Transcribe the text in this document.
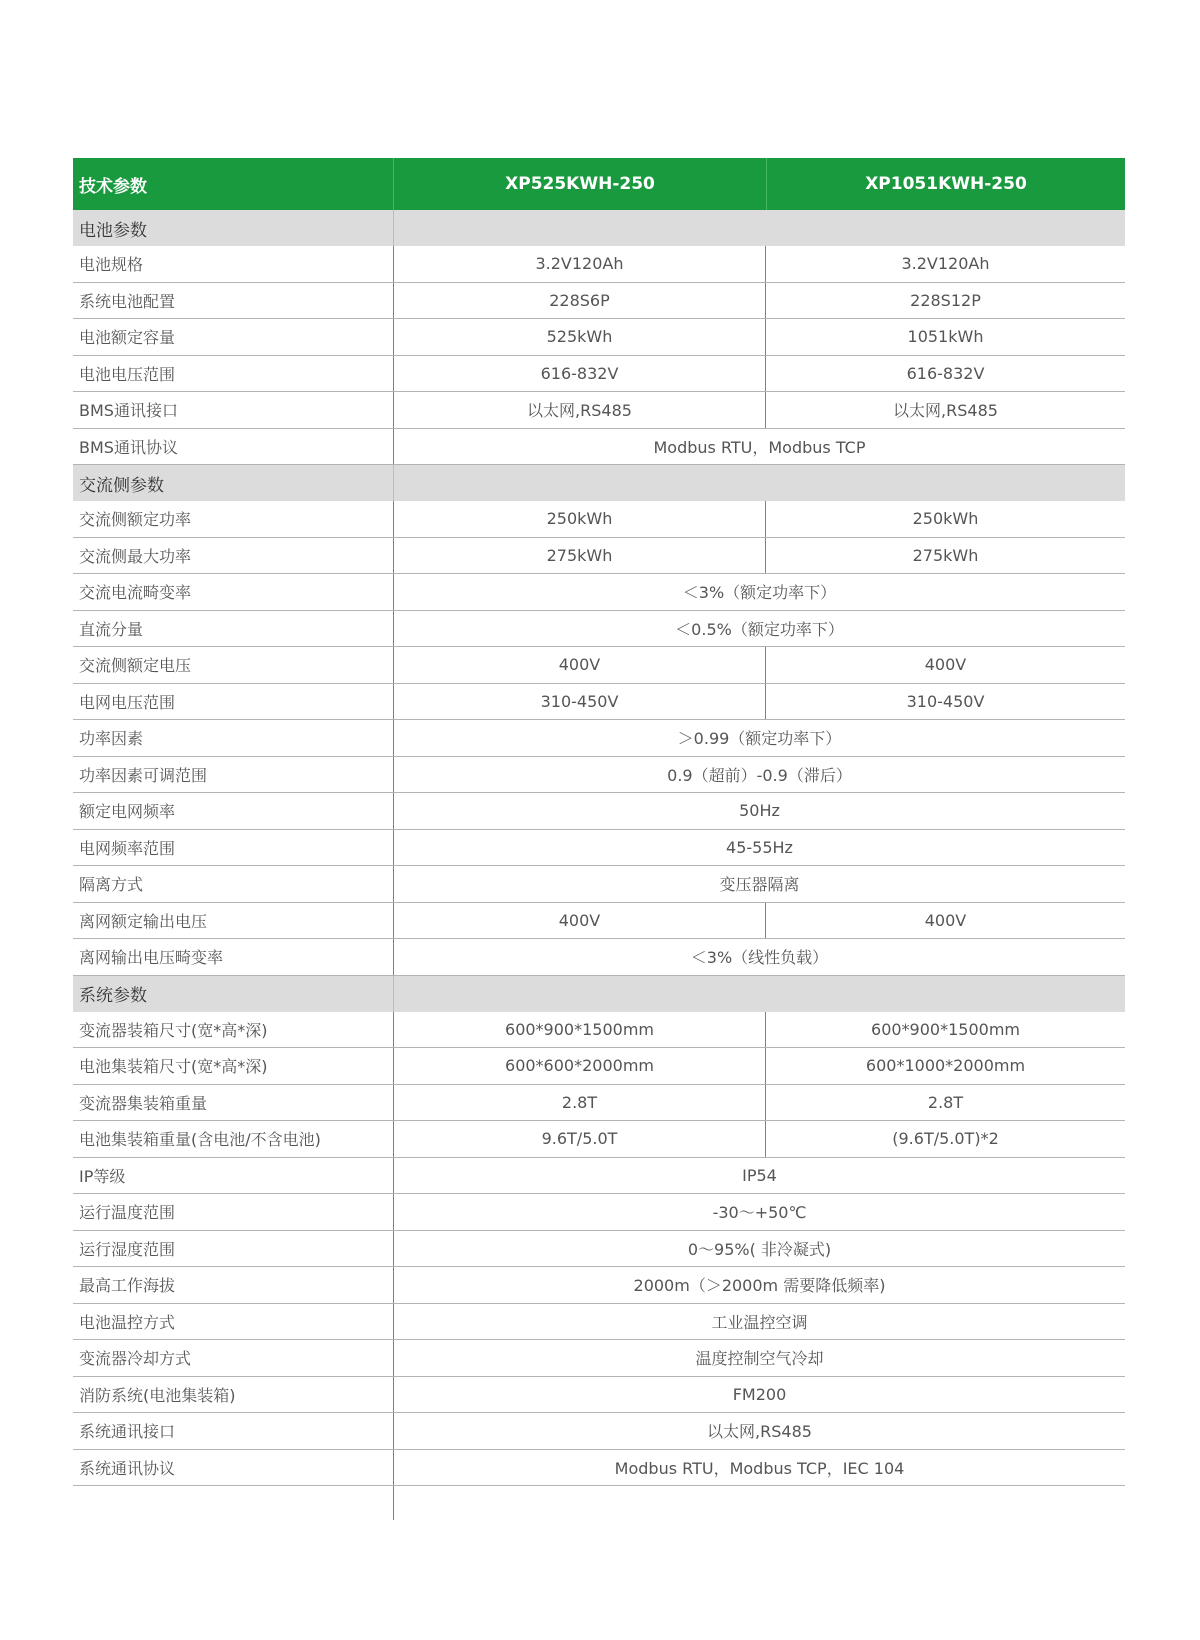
技术参数	XP525KWH-250	XP1051KWH-250
电池参数
电池规格	3.2V120Ah	3.2V120Ah
系统电池配置	228S6P	228S12P
电池额定容量	525kWh	1051kWh
电池电压范围	616-832V	616-832V
BMS通讯接口	以太网,RS485	以太网,RS485
BMS通讯协议	Modbus RTU，Modbus TCP
交流侧参数
交流侧额定功率	250kWh	250kWh
交流侧最大功率	275kWh	275kWh
交流电流畸变率	＜3%（额定功率下）
直流分量	＜0.5%（额定功率下）
交流侧额定电压	400V	400V
电网电压范围	310-450V	310-450V
功率因素	＞0.99（额定功率下）
功率因素可调范围	0.9（超前）-0.9（滞后）
额定电网频率	50Hz
电网频率范围	45-55Hz
隔离方式	变压器隔离
离网额定输出电压	400V	400V
离网输出电压畸变率	＜3%（线性负载）
系统参数
变流器装箱尺寸(宽*高*深)	600*900*1500mm	600*900*1500mm
电池集装箱尺寸(宽*高*深)	600*600*2000mm	600*1000*2000mm
变流器集装箱重量	2.8T	2.8T
电池集装箱重量(含电池/不含电池)	9.6T/5.0T	(9.6T/5.0T)*2
IP等级	IP54
运行温度范围	-30～+50℃
运行湿度范围	0～95%( 非冷凝式)
最高工作海拔	2000m（＞2000m 需要降低频率)
电池温控方式	工业温控空调
变流器冷却方式	温度控制空气冷却
消防系统(电池集装箱)	FM200
系统通讯接口	以太网,RS485
系统通讯协议	Modbus RTU，Modbus TCP，IEC 104
